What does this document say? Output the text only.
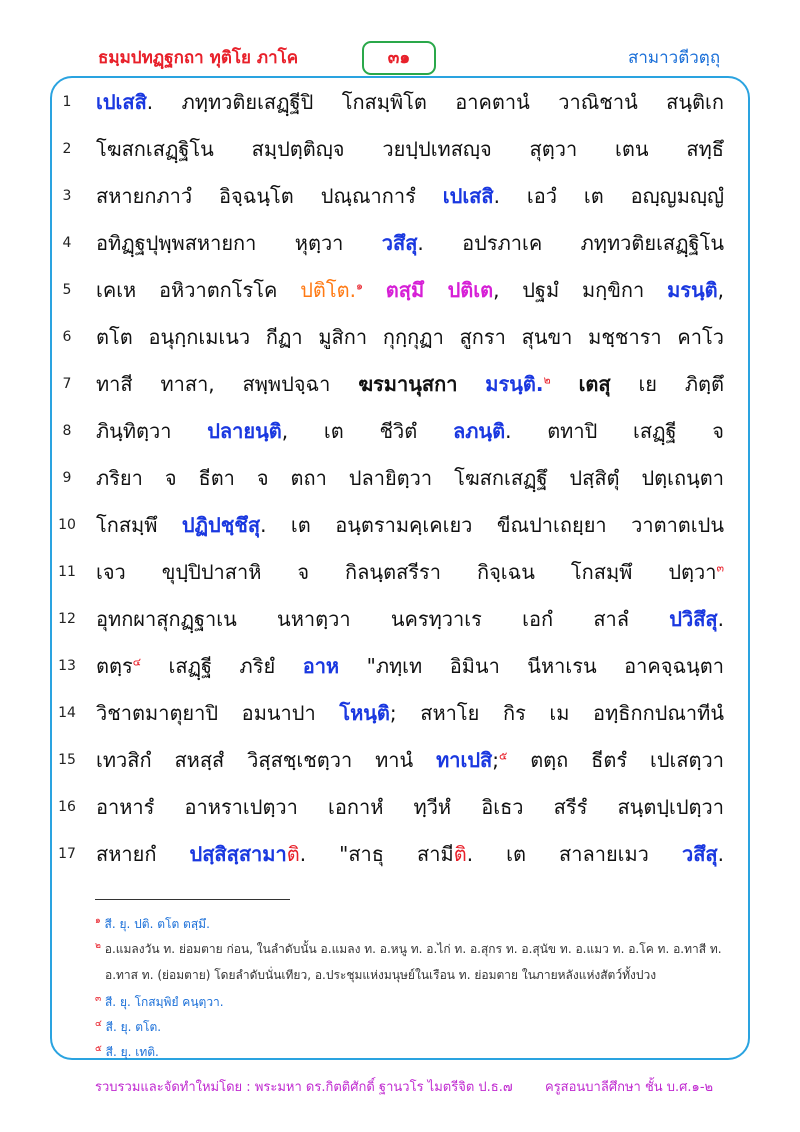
ธมฺมปทฏฺฐกถา ทุติโย ภาโค	๓๑	สามาวตีวตฺถุ
1	เปเสสิ. ภทฺทวติยเสฏฺฐีปิ โกสมฺพิโต อาคตานํ วาณิชานํ สนฺติเก
2	โฆสกเสฏฺฐิโน สมฺปตฺติญฺจ วยปฺปเทสญฺจ สุตฺวา เตน สทฺธึ
3	สหายกภาวํ อิจฺฉนฺโต ปณฺณาการํ เปเสสิ. เอวํ เต อญฺญมญฺญํ
4	อทิฏฺฐปุพฺพสหายกา หุตฺวา วสึสุ. อปรภาเค ภทฺทวติยเสฏฺฐิโน
5	เคเห อหิวาตกโรโค ปติโต.$^๑$ ตสฺมึ ปติเต, ปฐมํ มกฺขิกา มรนฺติ,
6	ตโต อนุกฺกเมเนว กีฏา มูสิกา กุกฺกุฏา สูกรา สุนขา มชฺชารา คาโว
7	ทาสี ทาสา, สพฺพปจฺฉา ฆรมานุสกา มรนฺติ.$^๒$ เตสุ เย ภิตฺตึ
8	ภินฺทิตฺวา ปลายนฺติ, เต ชีวิตํ ลภนฺติ. ตทาปิ เสฏฺฐี จ
9	ภริยา จ ธีตา จ ตถา ปลายิตฺวา โฆสกเสฏฺฐึ ปสฺสิตุํ ปตฺเถนฺตา
10	โกสมฺพึ ปฏิปชฺชึสุ. เต อนฺตรามคฺเคเยว ขีณปาเถยฺยา วาตาตเปน
11	เจว ขุปฺปิปาสาหิ จ กิลนฺตสรีรา กิจฺเฉน โกสมฺพึ ปตฺวา$^๓$
12	อุทกผาสุกฏฺฐาเน นหาตฺวา นครทฺวาเร เอกํ สาลํ ปวิสึสุ.
13	ตตฺร$^๔$ เสฏฺฐี ภริยํ อาห "ภทฺเท อิมินา นีหาเรน อาคจฺฉนฺตา
14	วิชาตมาตุยาปิ อมนาปา โหนฺติ; สหาโย กิร เม อทฺธิกกปณาทีนํ
15	เทวสิกํ สหสฺสํ วิสฺสชฺเชตฺวา ทานํ ทาเปสิ;$^๕$ ตตฺถ ธีตรํ เปเสตฺวา
16	อาหารํ อาหราเปตฺวา เอกาหํ ทฺวีหํ อิเธว สรีรํ สนฺตปฺเปตฺวา
17	สหายกํ ปสฺสิสฺสามาติ. "สาธุ สามีติ. เต สาลายเมว วสึสุ.
$^๑$ สี. ยุ. ปติ. ตโต ตสฺมึ.
$^๒$ อ.แมลงวัน ท. ย่อมตาย ก่อน, ในลำดับนั้น อ.แมลง ท. อ.หนู ท. อ.ไก่ ท. อ.สุกร ท. อ.สุนัข ท. อ.แมว ท. อ.โค ท. อ.ทาสี ท.
อ.ทาส ท. (ย่อมตาย) โดยลำดับนั่นเทียว, อ.ประชุมแห่งมนุษย์ในเรือน ท. ย่อมตาย ในภายหลังแห่งสัตว์ทั้งปวง
$^๓$ สี. ยุ. โกสมฺพิยํ คนฺตฺวา.
$^๔$ สี. ยุ. ตโต.
$^๕$ สี. ยุ. เทติ.
รวบรวมและจัดทำใหม่โดย : พระมหา ดร.กิตติศักดิ์ ฐานวโร ไมตรีจิต ป.ธ.๗ ครูสอนบาลีศึกษา ชั้น บ.ศ.๑-๒
